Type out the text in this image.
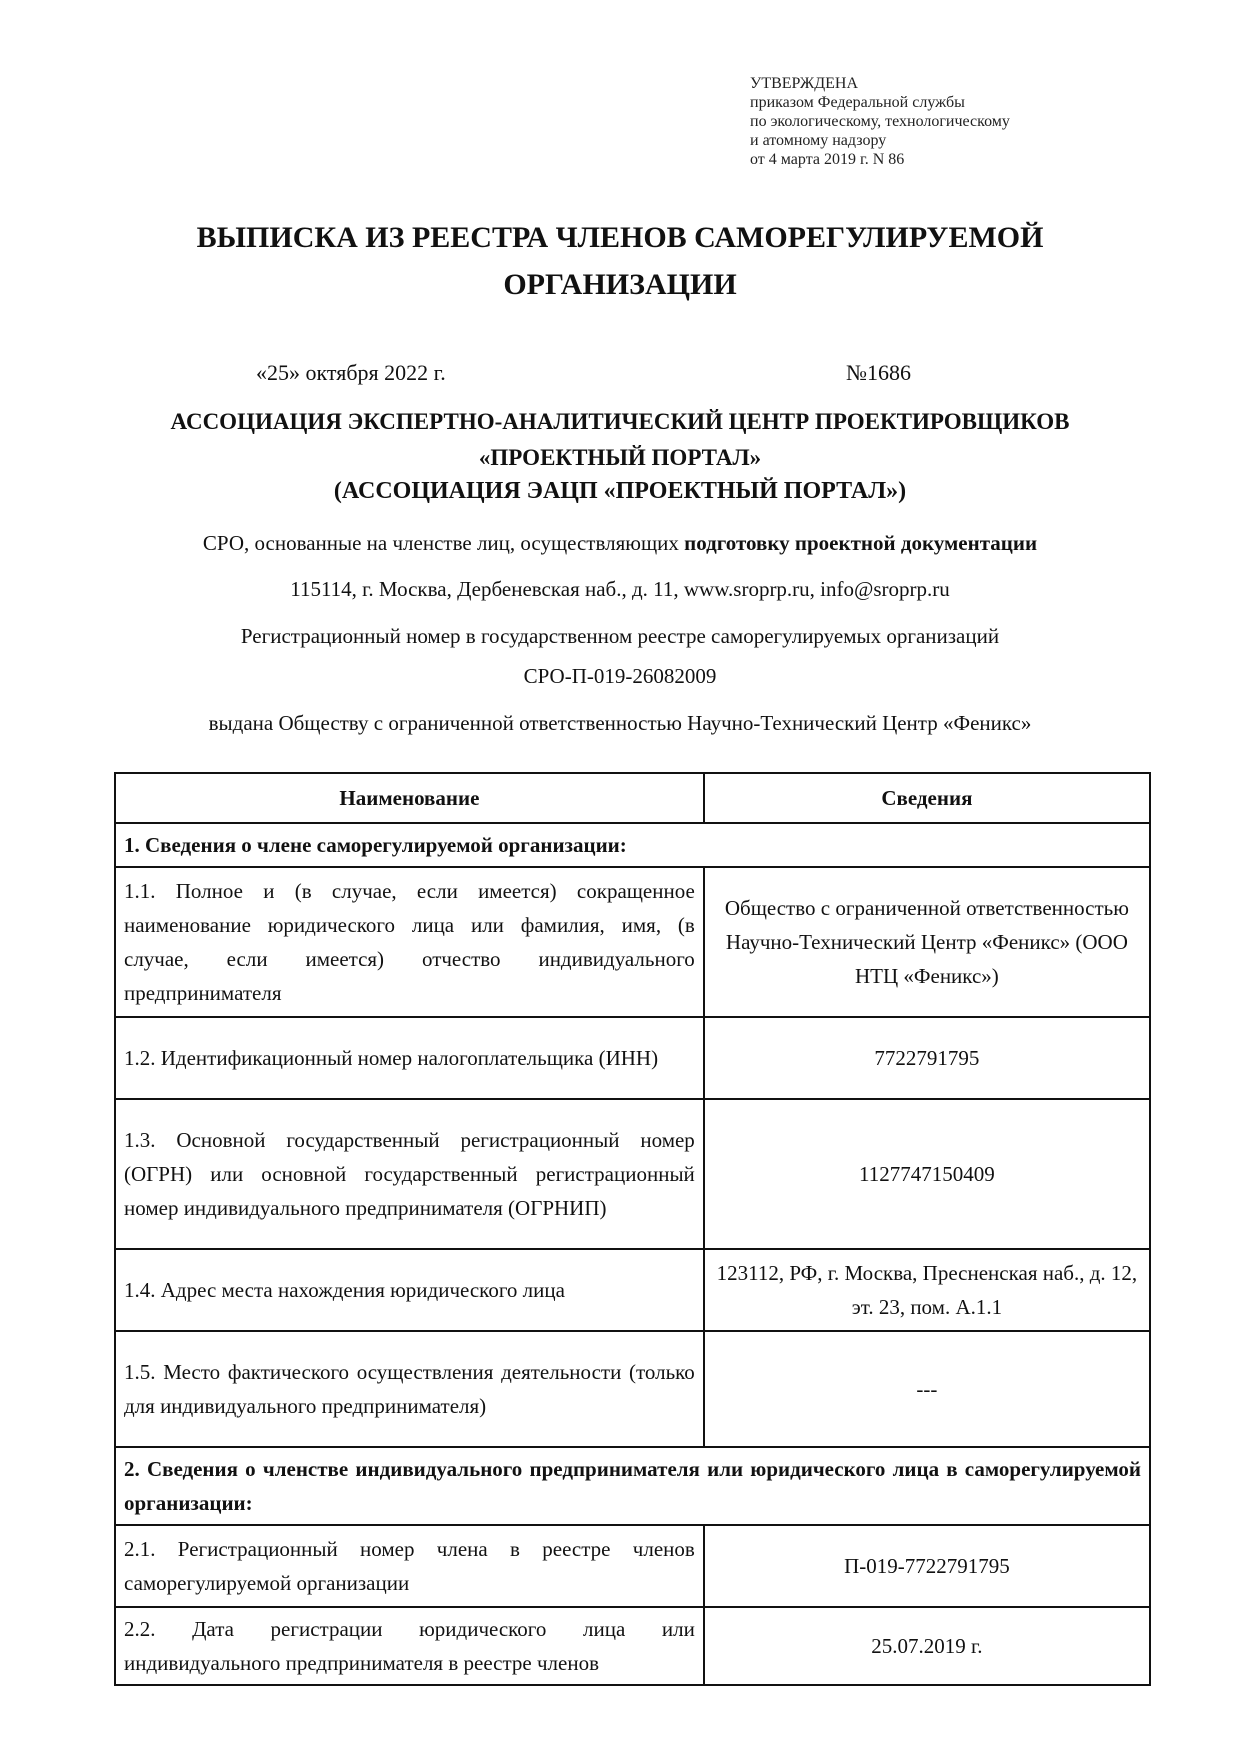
УТВЕРЖДЕНА
приказом Федеральной службы
по экологическому, технологическому
и атомному надзору
от 4 марта 2019 г. N 86
ВЫПИСКА ИЗ РЕЕСТРА ЧЛЕНОВ САМОРЕГУЛИРУЕМОЙ
ОРГАНИЗАЦИИ
«25» октября 2022 г.	№1686
АССОЦИАЦИЯ ЭКСПЕРТНО-АНАЛИТИЧЕСКИЙ ЦЕНТР ПРОЕКТИРОВЩИКОВ
«ПРОЕКТНЫЙ ПОРТАЛ»
(АССОЦИАЦИЯ ЭАЦП «ПРОЕКТНЫЙ ПОРТАЛ»)
СРО, основанные на членстве лиц, осуществляющих подготовку проектной документации
115114, г. Москва, Дербеневская наб., д. 11, www.sroprp.ru, info@sroprp.ru
Регистрационный номер в государственном реестре саморегулируемых организаций
СРО-П-019-26082009
выдана Обществу с ограниченной ответственностью Научно-Технический Центр «Феникс»
Наименование	Сведения
1. Сведения о члене саморегулируемой организации:	
1.1. Полное и (в случае, если имеется) сокращенное наименование юридического лица или фамилия, имя, (в случае, если имеется) отчество индивидуального предпринимателя	Общество с ограниченной ответственностью Научно-Технический Центр «Феникс» (ООО НТЦ «Феникс»)
1.2. Идентификационный номер налогоплательщика (ИНН)	7722791795
1.3. Основной государственный регистрационный номер (ОГРН) или основной государственный регистрационный номер индивидуального предпринимателя (ОГРНИП)	1127747150409
1.4. Адрес места нахождения юридического лица	123112, РФ, г. Москва, Пресненская наб., д. 12, эт. 23, пом. А.1.1
1.5. Место фактического осуществления деятельности (только для индивидуального предпринимателя)	---
2. Сведения о членстве индивидуального предпринимателя или юридического лица в саморегулируемой организации:	
2.1. Регистрационный номер члена в реестре членов саморегулируемой организации	П-019-7722791795
2.2. Дата регистрации юридического лица или индивидуального предпринимателя в реестре членов	25.07.2019 г.
